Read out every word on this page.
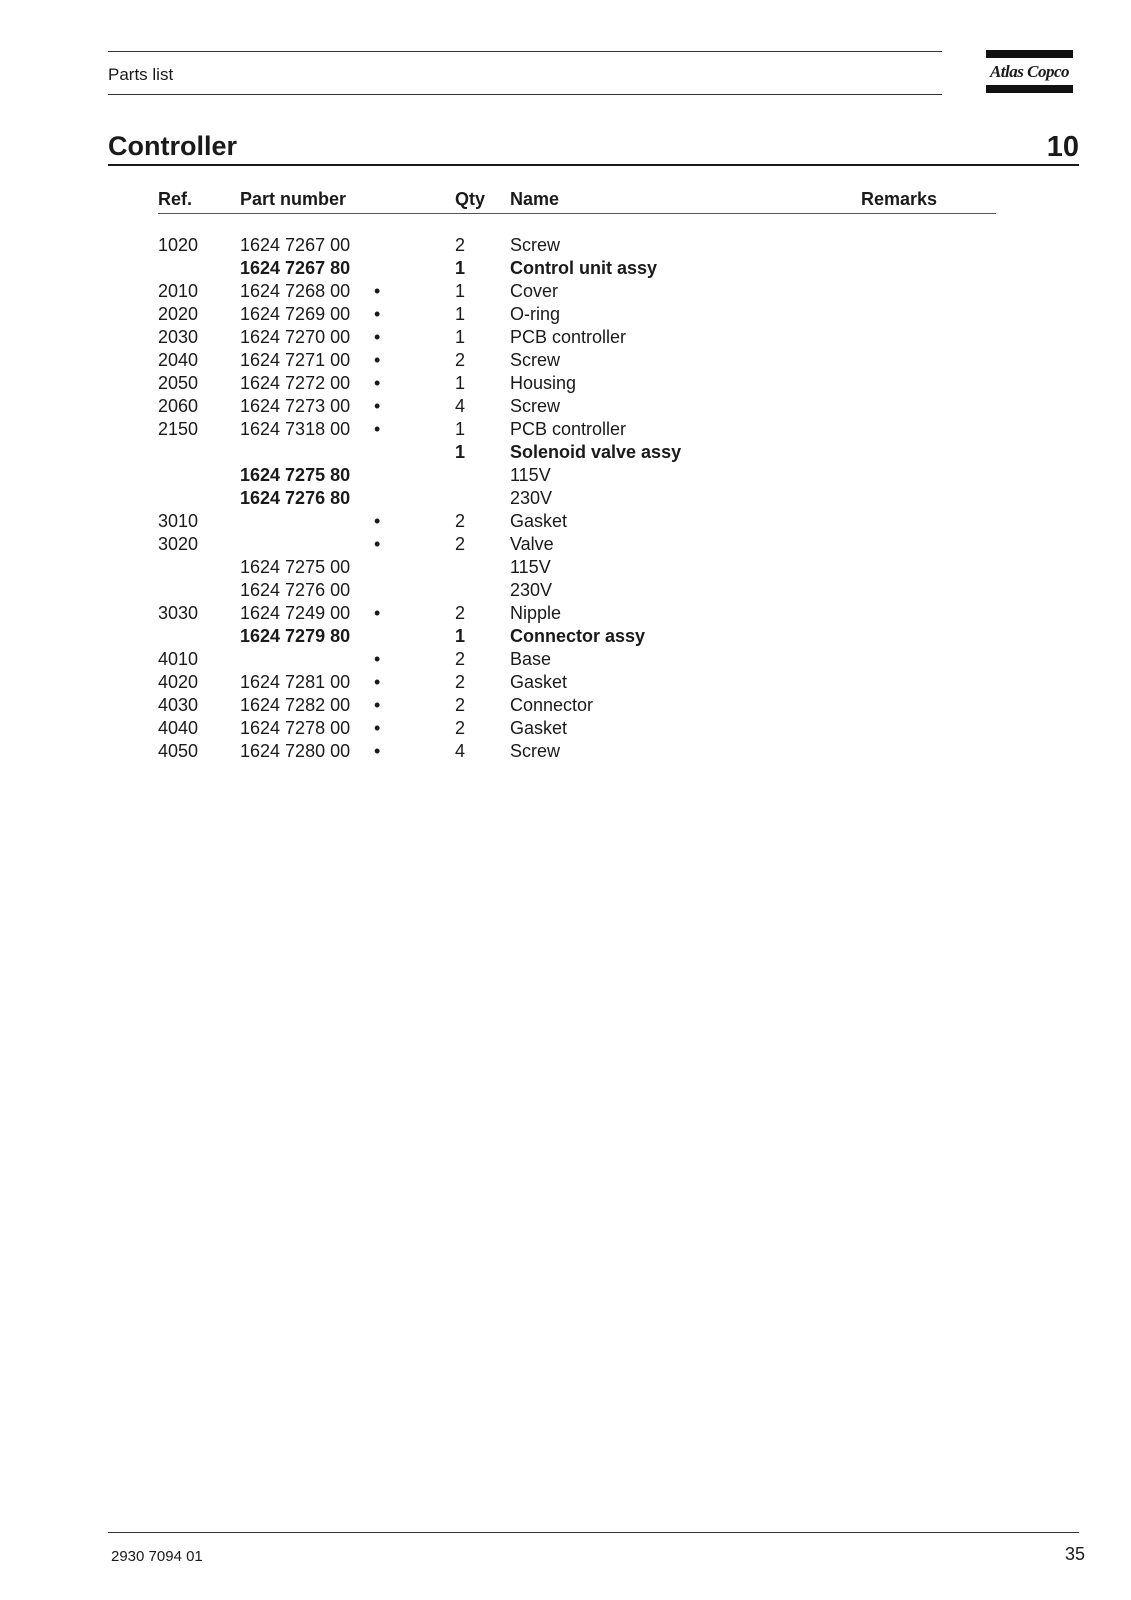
Parts list	Atlas Copco
Controller	10
Ref.	Part number	Qty Name	Remarks
1020 1624 7267 00	2 Screw
1624 7267 80	1 Control unit assy
2010 1624 7268 00 •	1 Cover
2020 1624 7269 00 •	1 O-ring
2030 1624 7270 00 •	1 PCB controller
2040 1624 7271 00 •	2 Screw
2050 1624 7272 00 •	1 Housing
2060 1624 7273 00 •	4 Screw
2150 1624 7318 00 •	1 PCB controller
1 Solenoid valve assy
1624 7275 80	115V
1624 7276 80	230V
3010	•	2 Gasket
3020	•	2 Valve
1624 7275 00	115V
1624 7276 00	230V
3030 1624 7249 00 •	2 Nipple
1624 7279 80	1 Connector assy
4010	•	2 Base
4020 1624 7281 00 •	2 Gasket
4030 1624 7282 00 •	2 Connector
4040 1624 7278 00 •	2 Gasket
4050 1624 7280 00 •	4 Screw
2930 7094 01	35
